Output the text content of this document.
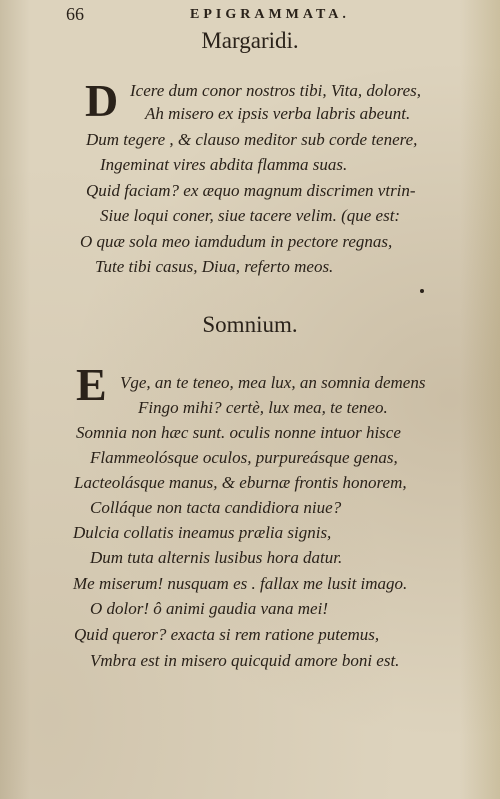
66	EPIGRAMMATA.
Margaridi.
D Icere dum conor nostros tibi, Vita, dolores,
Ah misero ex ipsis verba labris abeunt.
Dum tegere , & clauso meditor sub corde tenere,
Ingeminat vires abdita flamma suas.
Quid faciam? ex æquo magnum discrimen vtrin-
Siue loqui coner, siue tacere velim. (que est:
O quæ sola meo iamdudum in pectore regnas,
Tute tibi casus, Diua, referto meos.
Somnium.
E Vge, an te teneo, mea lux, an somnia demens
Fingo mihi? certè, lux mea, te teneo.
Somnia non hæc sunt. oculis nonne intuor hisce
Flammeolósque oculos, purpureásque genas,
Lacteolásque manus, & eburnæ frontis honorem,
Colláque non tacta candidiora niue?
Dulcia collatis ineamus prælia signis,
Dum tuta alternis lusibus hora datur.
Me miserum! nusquam es . fallax me lusit imago.
O dolor! ô animi gaudia vana mei!
Quid queror? exacta si rem ratione putemus,
Vmbra est in misero quicquid amore boni est.
